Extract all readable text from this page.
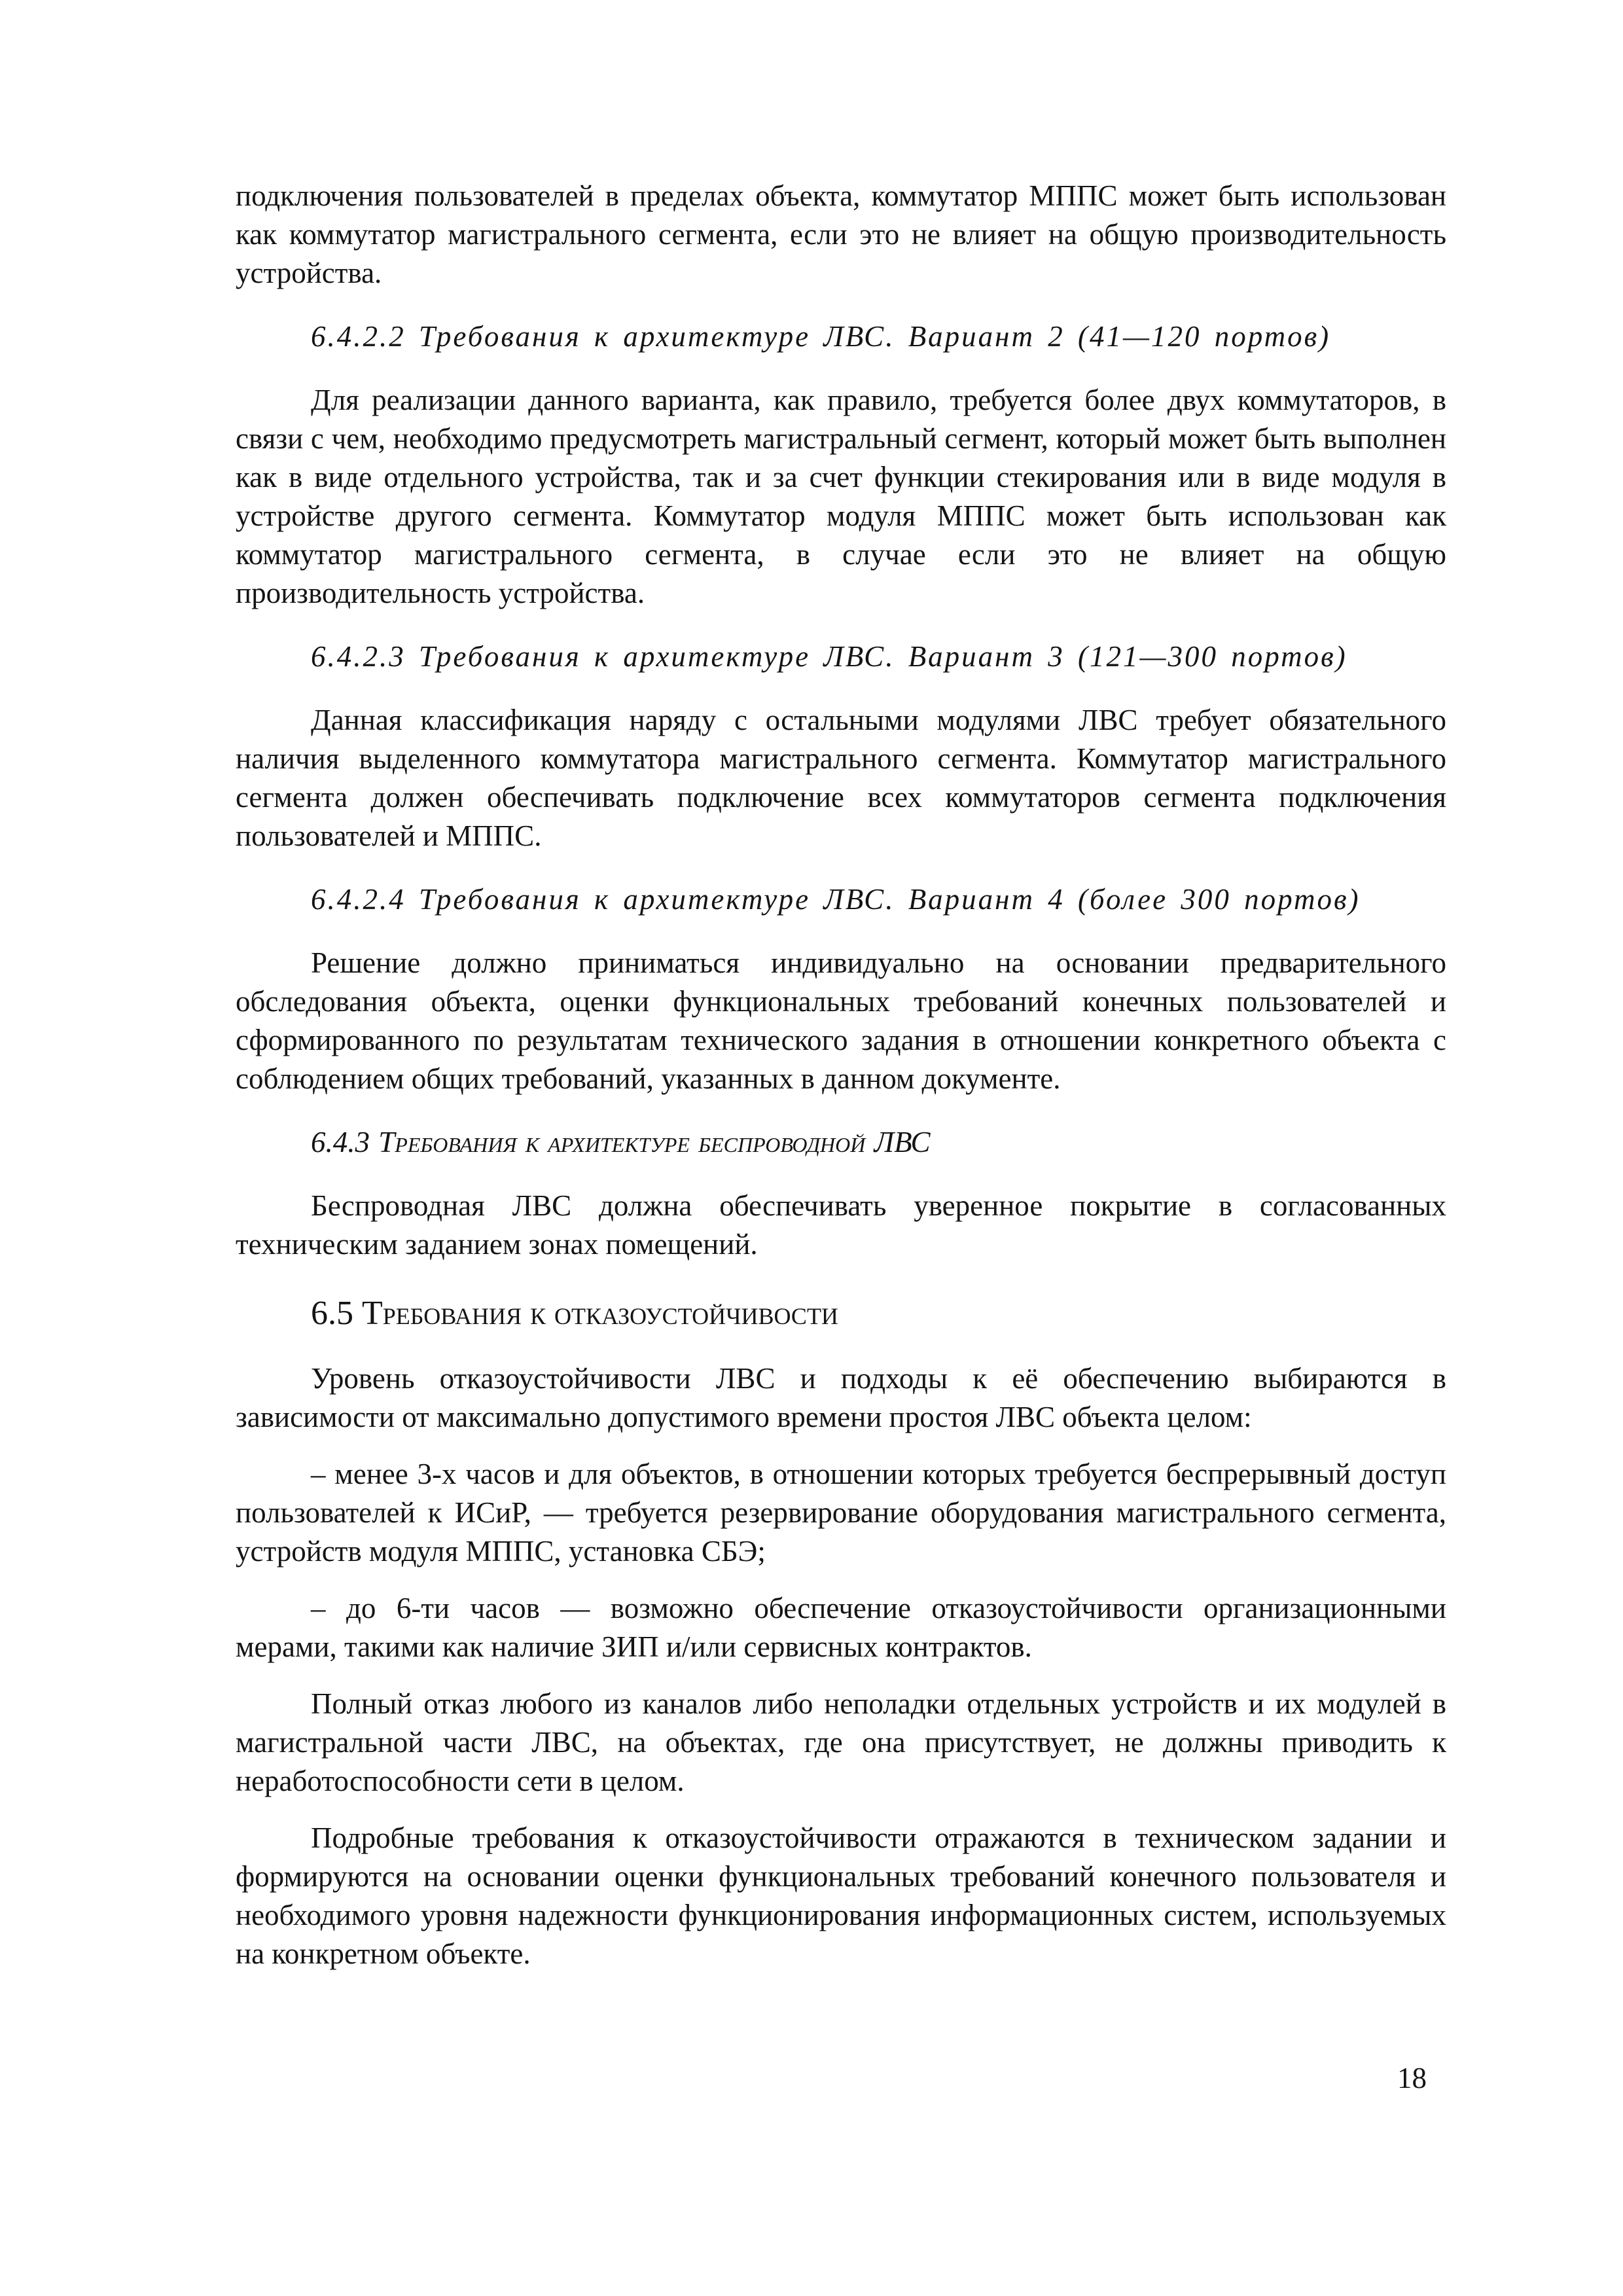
подключения пользователей в пределах объекта, коммутатор МППС может быть использован как коммутатор магистрального сегмента, если это не влияет на общую производительность устройства.

6.4.2.2 Требования к архитектуре ЛВС. Вариант 2 (41—120 портов)

Для реализации данного варианта, как правило, требуется более двух коммутаторов, в связи с чем, необходимо предусмотреть магистральный сегмент, который может быть выполнен как в виде отдельного устройства, так и за счет функции стекирования или в виде модуля в устройстве другого сегмента. Коммутатор модуля МППС может быть использован как коммутатор магистрального сегмента, в случае если это не влияет на общую производительность устройства.

6.4.2.3 Требования к архитектуре ЛВС. Вариант 3 (121—300 портов)

Данная классификация наряду с остальными модулями ЛВС требует обязательного наличия выделенного коммутатора магистрального сегмента. Коммутатор магистрального сегмента должен обеспечивать подключение всех коммутаторов сегмента подключения пользователей и МППС.

6.4.2.4 Требования к архитектуре ЛВС. Вариант 4 (более 300 портов)

Решение должно приниматься индивидуально на основании предварительного обследования объекта, оценки функциональных требований конечных пользователей и сформированного по результатам технического задания в отношении конкретного объекта с соблюдением общих требований, указанных в данном документе.

6.4.3 Требования к архитектуре беспроводной ЛВС

Беспроводная ЛВС должна обеспечивать уверенное покрытие в согласованных техническим заданием зонах помещений.

6.5 Требования к отказоустойчивости

Уровень отказоустойчивости ЛВС и подходы к её обеспечению выбираются в зависимости от максимально допустимого времени простоя ЛВС объекта целом:

– менее 3-х часов и для объектов, в отношении которых требуется беспрерывный доступ пользователей к ИСиР, — требуется резервирование оборудования магистрального сегмента, устройств модуля МППС, установка СБЭ;

– до 6-ти часов — возможно обеспечение отказоустойчивости организационными мерами, такими как наличие ЗИП и/или сервисных контрактов.

Полный отказ любого из каналов либо неполадки отдельных устройств и их модулей в магистральной части ЛВС, на объектах, где она присутствует, не должны приводить к неработоспособности сети в целом.

Подробные требования к отказоустойчивости отражаются в техническом задании и формируются на основании оценки функциональных требований конечного пользователя и необходимого уровня надежности функционирования информационных систем, используемых на конкретном объекте.

18
